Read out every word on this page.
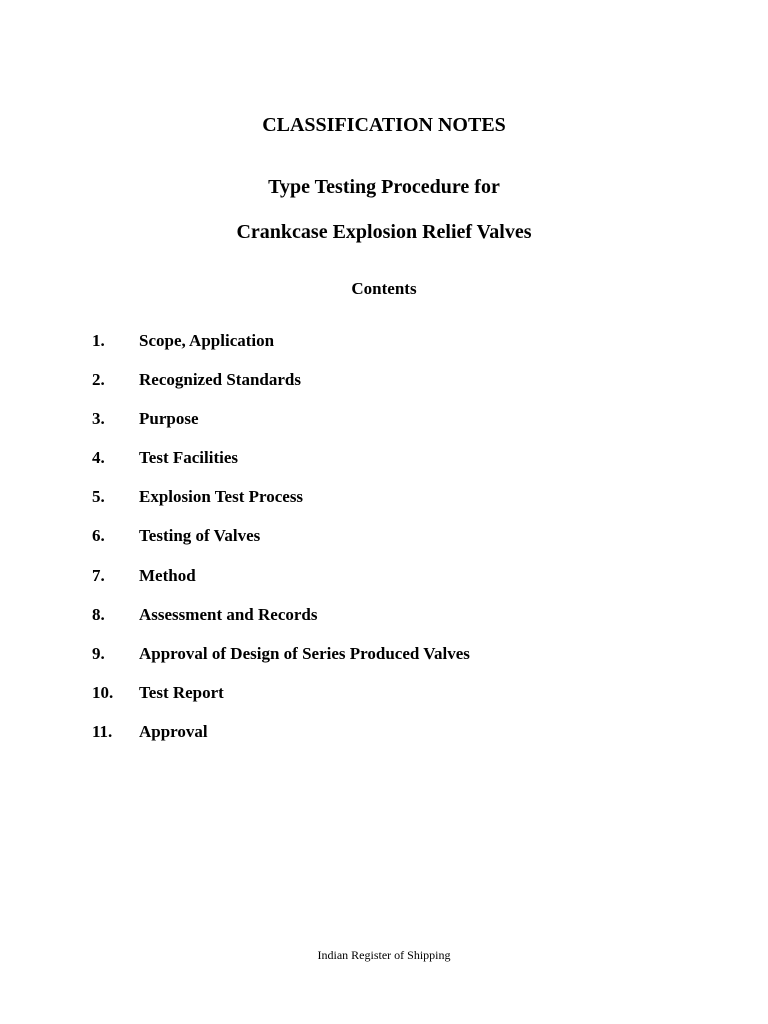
CLASSIFICATION NOTES
Type Testing Procedure for
Crankcase Explosion Relief Valves
Contents
1. Scope, Application
2. Recognized Standards
3. Purpose
4. Test Facilities
5. Explosion Test Process
6. Testing of Valves
7. Method
8. Assessment and Records
9. Approval of Design of Series Produced Valves
10. Test Report
11. Approval
Indian Register of Shipping
